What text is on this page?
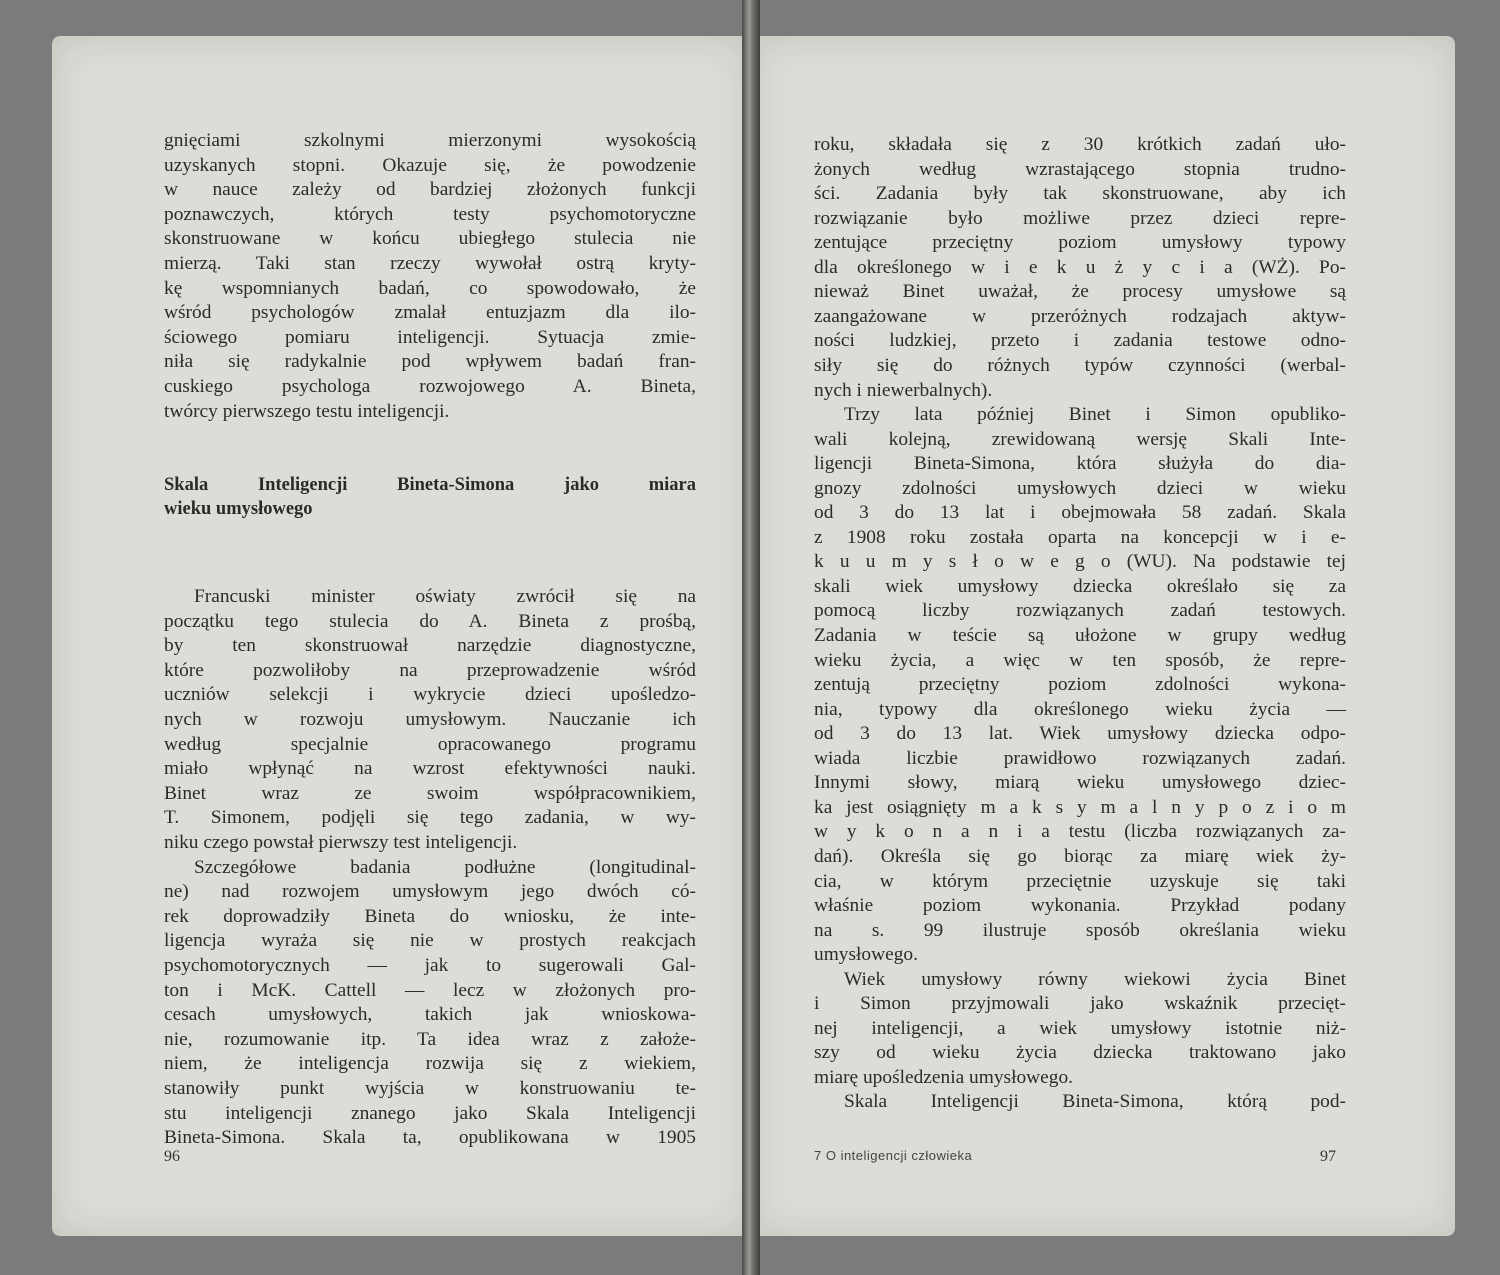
gnięciami szkolnymi mierzonymi wysokością
uzyskanych stopni. Okazuje się, że powodzenie
w nauce zależy od bardziej złożonych funkcji
poznawczych, których testy psychomotoryczne
skonstruowane w końcu ubiegłego stulecia nie
mierzą. Taki stan rzeczy wywołał ostrą kryty-
kę wspomnianych badań, co spowodowało, że
wśród psychologów zmalał entuzjazm dla ilo-
ściowego pomiaru inteligencji. Sytuacja zmie-
niła się radykalnie pod wpływem badań fran-
cuskiego psychologa rozwojowego A. Bineta,
twórcy pierwszego testu inteligencji.
Skala Inteligencji Bineta-Simona jako miara
wieku umysłowego
Francuski minister oświaty zwrócił się na
początku tego stulecia do A. Bineta z prośbą,
by ten skonstruował narzędzie diagnostyczne,
które pozwoliłoby na przeprowadzenie wśród
uczniów selekcji i wykrycie dzieci upośledzo-
nych w rozwoju umysłowym. Nauczanie ich
według specjalnie opracowanego programu
miało wpłynąć na wzrost efektywności nauki.
Binet wraz ze swoim współpracownikiem,
T. Simonem, podjęli się tego zadania, w wy-
niku czego powstał pierwszy test inteligencji.
Szczegółowe badania podłużne (longitudinal-
ne) nad rozwojem umysłowym jego dwóch có-
rek doprowadziły Bineta do wniosku, że inte-
ligencja wyraża się nie w prostych reakcjach
psychomotorycznych — jak to sugerowali Gal-
ton i McK. Cattell — lecz w złożonych pro-
cesach umysłowych, takich jak wnioskowa-
nie, rozumowanie itp. Ta idea wraz z założe-
niem, że inteligencja rozwija się z wiekiem,
stanowiły punkt wyjścia w konstruowaniu te-
stu inteligencji znanego jako Skala Inteligencji
Bineta-Simona. Skala ta, opublikowana w 1905
96
roku, składała się z 30 krótkich zadań uło-
żonych według wzrastającego stopnia trudno-
ści. Zadania były tak skonstruowane, aby ich
rozwiązanie było możliwe przez dzieci repre-
zentujące przeciętny poziom umysłowy typowy
dla określonego w i e k u ż y c i a (WŻ). Po-
nieważ Binet uważał, że procesy umysłowe są
zaangażowane w przeróżnych rodzajach aktyw-
ności ludzkiej, przeto i zadania testowe odno-
siły się do różnych typów czynności (werbal-
nych i niewerbalnych).
Trzy lata później Binet i Simon opubliko-
wali kolejną, zrewidowaną wersję Skali Inte-
ligencji Bineta-Simona, która służyła do dia-
gnozy zdolności umysłowych dzieci w wieku
od 3 do 13 lat i obejmowała 58 zadań. Skala
z 1908 roku została oparta na koncepcji w i e-
k u u m y s ł o w e g o (WU). Na podstawie tej
skali wiek umysłowy dziecka określało się za
pomocą liczby rozwiązanych zadań testowych.
Zadania w teście są ułożone w grupy według
wieku życia, a więc w ten sposób, że repre-
zentują przeciętny poziom zdolności wykona-
nia, typowy dla określonego wieku życia —
od 3 do 13 lat. Wiek umysłowy dziecka odpo-
wiada liczbie prawidłowo rozwiązanych zadań.
Innymi słowy, miarą wieku umysłowego dziec-
ka jest osiągnięty m a k s y m a l n y p o z i o m
w y k o n a n i a testu (liczba rozwiązanych za-
dań). Określa się go biorąc za miarę wiek ży-
cia, w którym przeciętnie uzyskuje się taki
właśnie poziom wykonania. Przykład podany
na s. 99 ilustruje sposób określania wieku
umysłowego.
Wiek umysłowy równy wiekowi życia Binet
i Simon przyjmowali jako wskaźnik przecięt-
nej inteligencji, a wiek umysłowy istotnie niż-
szy od wieku życia dziecka traktowano jako
miarę upośledzenia umysłowego.
Skala Inteligencji Bineta-Simona, którą pod-
7 O inteligencji człowieka	97
